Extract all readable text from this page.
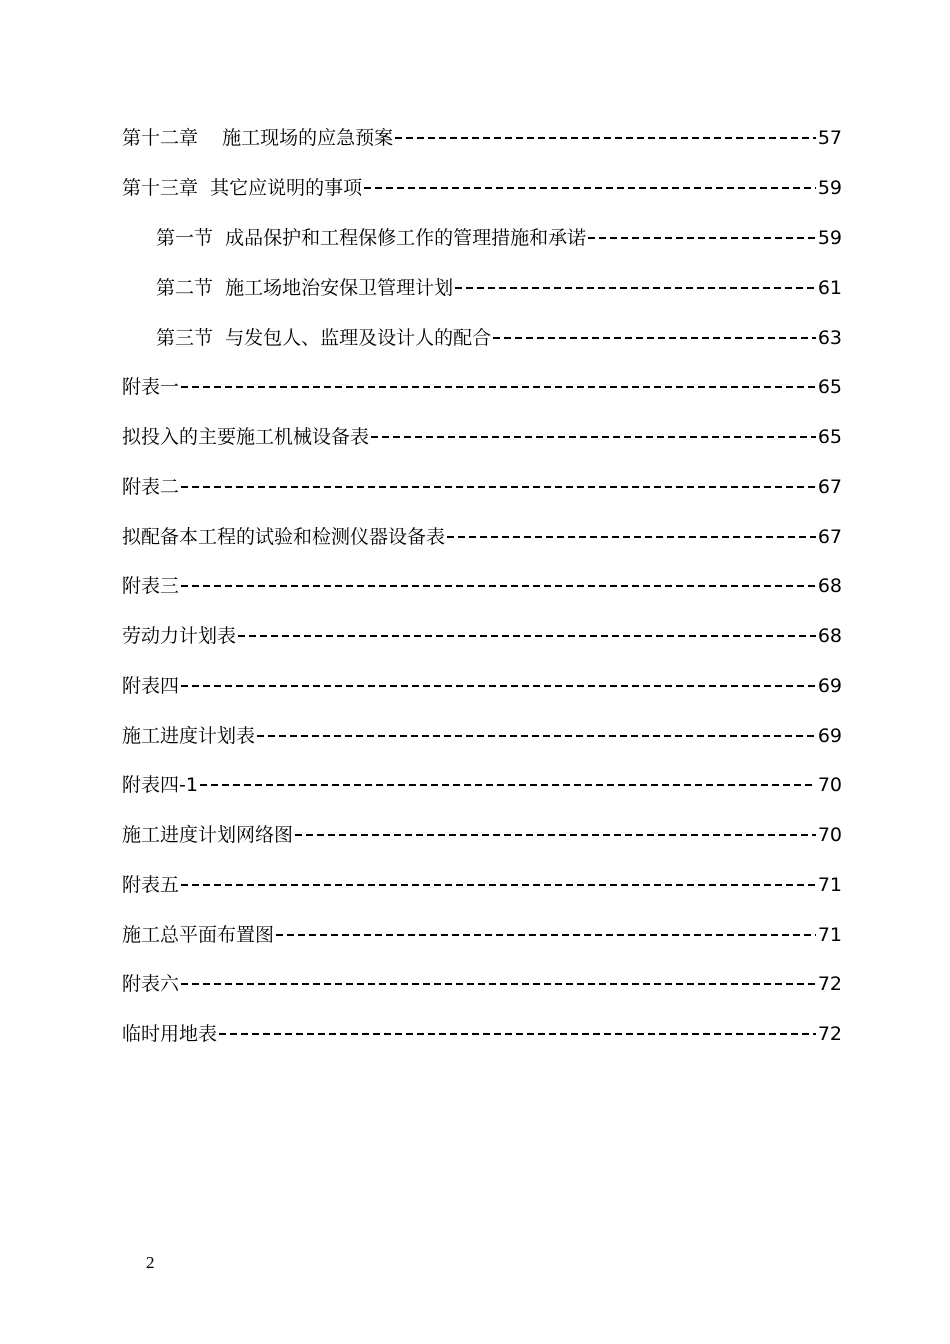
第十二章    施工现场的应急预案	57
第十三章  其它应说明的事项	59
第一节  成品保护和工程保修工作的管理措施和承诺	59
第二节  施工场地治安保卫管理计划	61
第三节  与发包人、监理及设计人的配合	63
附表一	65
拟投入的主要施工机械设备表	65
附表二	67
拟配备本工程的试验和检测仪器设备表	67
附表三	68
劳动力计划表	68
附表四	69
施工进度计划表	69
附表四-1	70
施工进度计划网络图	70
附表五	71
施工总平面布置图	71
附表六	72
临时用地表	72
2
